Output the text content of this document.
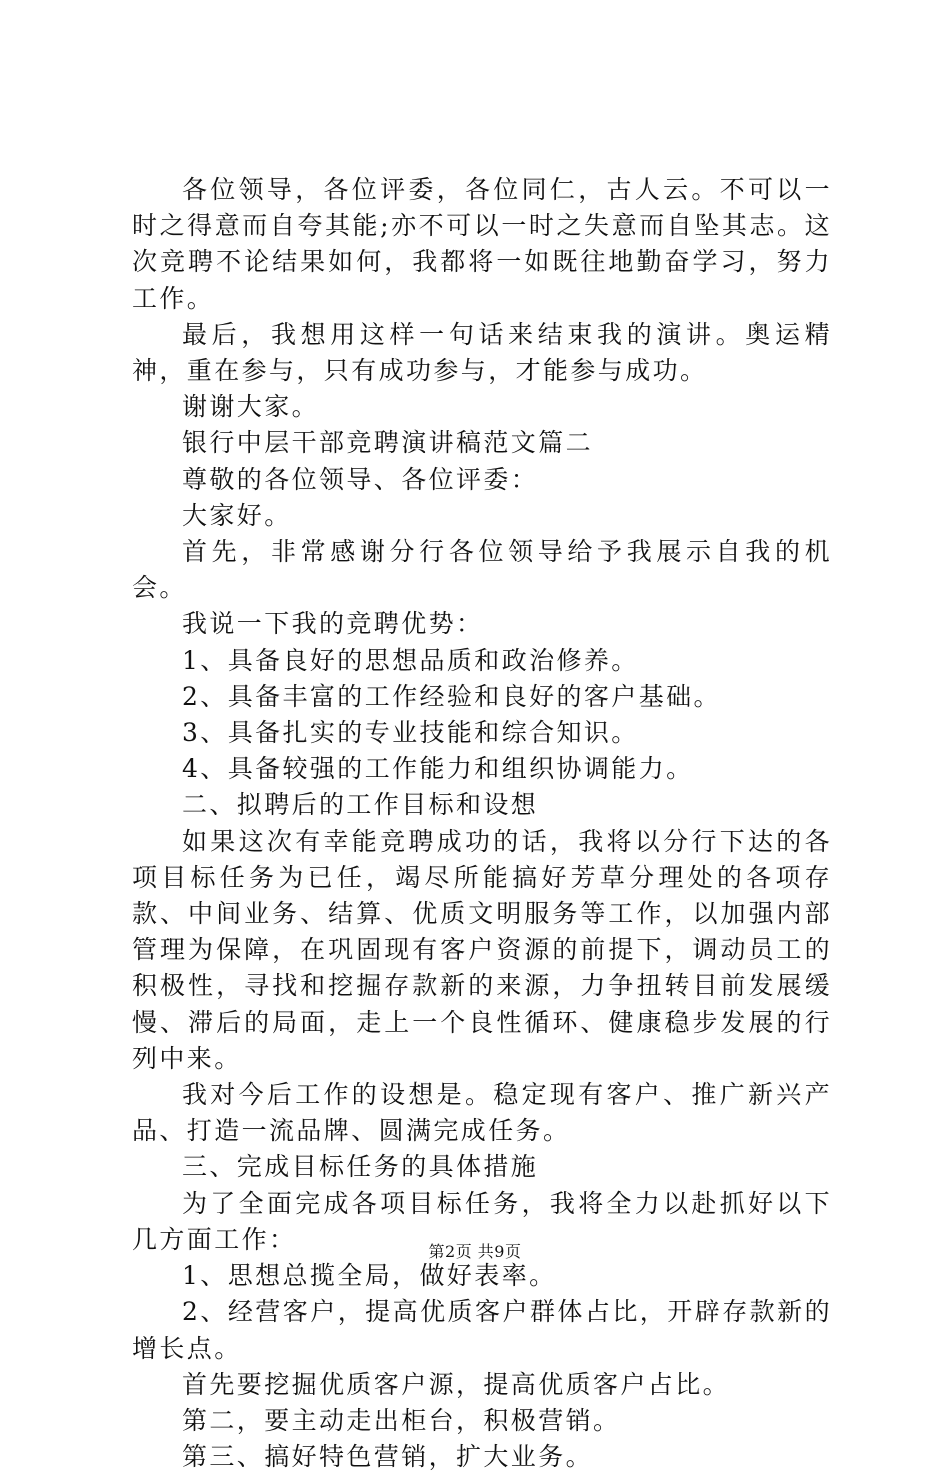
各位领导，各位评委，各位同仁，古人云。不可以一时之得意而自夸其能;亦不可以一时之失意而自坠其志。这次竞聘不论结果如何，我都将一如既往地勤奋学习，努力工作。

最后，我想用这样一句话来结束我的演讲。奥运精神，重在参与，只有成功参与，才能参与成功。

谢谢大家。

银行中层干部竞聘演讲稿范文篇二

尊敬的各位领导、各位评委：

大家好。

首先，非常感谢分行各位领导给予我展示自我的机会。

我说一下我的竞聘优势：

1、具备良好的思想品质和政治修养。

2、具备丰富的工作经验和良好的客户基础。

3、具备扎实的专业技能和综合知识。

4、具备较强的工作能力和组织协调能力。

二、拟聘后的工作目标和设想

如果这次有幸能竞聘成功的话，我将以分行下达的各项目标任务为已任，竭尽所能搞好芳草分理处的各项存款、中间业务、结算、优质文明服务等工作，以加强内部管理为保障，在巩固现有客户资源的前提下，调动员工的积极性，寻找和挖掘存款新的来源，力争扭转目前发展缓慢、滞后的局面，走上一个良性循环、健康稳步发展的行列中来。

我对今后工作的设想是。稳定现有客户、推广新兴产品、打造一流品牌、圆满完成任务。

三、完成目标任务的具体措施

为了全面完成各项目标任务，我将全力以赴抓好以下几方面工作：

1、思想总揽全局，做好表率。

2、经营客户，提高优质客户群体占比，开辟存款新的增长点。

首先要挖掘优质客户源，提高优质客户占比。

第二，要主动走出柜台，积极营销。

第三、搞好特色营销，扩大业务。

第2页 共9页
